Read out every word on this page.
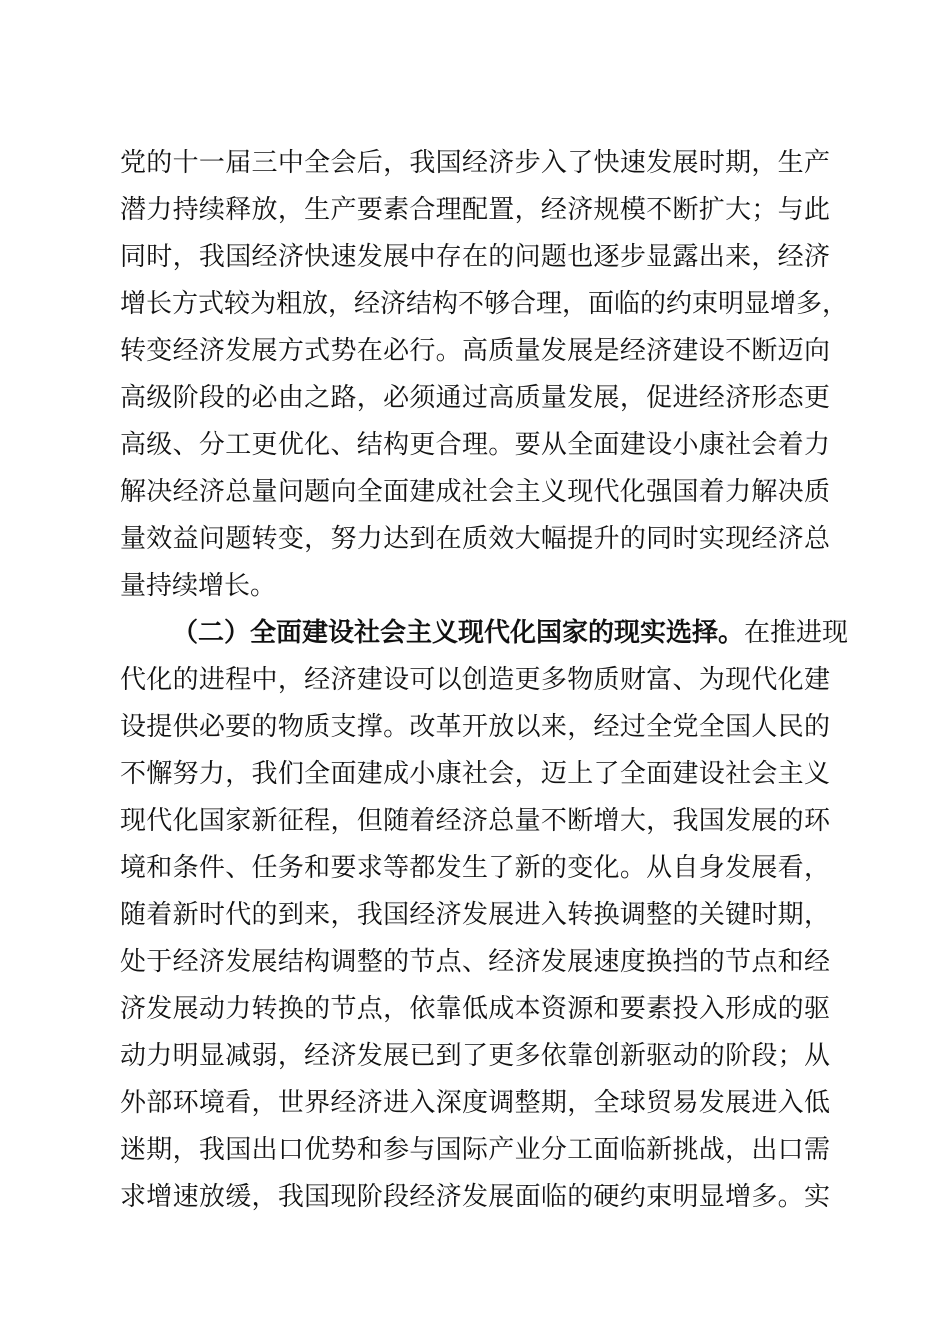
党的十一届三中全会后，我国经济步入了快速发展时期，生产
潜力持续释放，生产要素合理配置，经济规模不断扩大；与此
同时，我国经济快速发展中存在的问题也逐步显露出来，经济
增长方式较为粗放，经济结构不够合理，面临的约束明显增多，
转变经济发展方式势在必行。高质量发展是经济建设不断迈向
高级阶段的必由之路，必须通过高质量发展，促进经济形态更
高级、分工更优化、结构更合理。要从全面建设小康社会着力
解决经济总量问题向全面建成社会主义现代化强国着力解决质
量效益问题转变，努力达到在质效大幅提升的同时实现经济总
量持续增长。
（二）全面建设社会主义现代化国家的现实选择。在推进现
代化的进程中，经济建设可以创造更多物质财富、为现代化建
设提供必要的物质支撑。改革开放以来，经过全党全国人民的
不懈努力，我们全面建成小康社会，迈上了全面建设社会主义
现代化国家新征程，但随着经济总量不断增大，我国发展的环
境和条件、任务和要求等都发生了新的变化。从自身发展看，
随着新时代的到来，我国经济发展进入转换调整的关键时期，
处于经济发展结构调整的节点、经济发展速度换挡的节点和经
济发展动力转换的节点，依靠低成本资源和要素投入形成的驱
动力明显减弱，经济发展已到了更多依靠创新驱动的阶段；从
外部环境看，世界经济进入深度调整期，全球贸易发展进入低
迷期，我国出口优势和参与国际产业分工面临新挑战，出口需
求增速放缓，我国现阶段经济发展面临的硬约束明显增多。实
